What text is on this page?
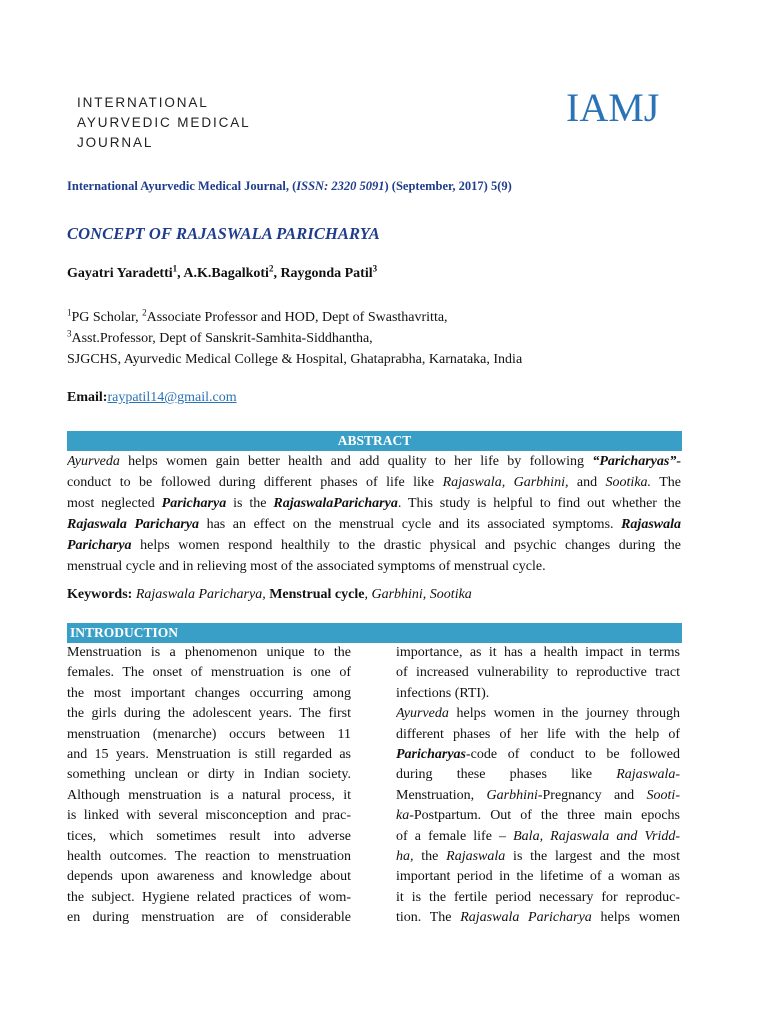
INTERNATIONAL
AYURVEDIC MEDICAL
JOURNAL
IAMJ
International Ayurvedic Medical Journal, (ISSN: 2320 5091) (September, 2017) 5(9)
CONCEPT OF RAJASWALA PARICHARYA
Gayatri Yaradetti$^1$, A.K.Bagalkoti$^2$, Raygonda Patil$^3$
$^1$PG Scholar, $^2$Associate Professor and HOD, Dept of Swasthavritta,
$^3$Asst.Professor, Dept of Sanskrit-Samhita-Siddhantha,
SJGCHS, Ayurvedic Medical College & Hospital, Ghataprabha, Karnataka, India
Email:raypatil14@gmail.com
ABSTRACT
Ayurveda helps women gain better health and add quality to her life by following “Paricharyas”-
conduct to be followed during different phases of life like Rajaswala, Garbhini, and Sootika. The
most neglected Paricharya is the RajaswalaParicharya. This study is helpful to find out whether the
Rajaswala Paricharya has an effect on the menstrual cycle and its associated symptoms. Rajaswala
Paricharya helps women respond healthily to the drastic physical and psychic changes during the
menstrual cycle and in relieving most of the associated symptoms of menstrual cycle.
Keywords: Rajaswala Paricharya, Menstrual cycle, Garbhini, Sootika
INTRODUCTION
Menstruation is a phenomenon unique to the
females. The onset of menstruation is one of
the most important changes occurring among
the girls during the adolescent years. The first
menstruation (menarche) occurs between 11
and 15 years. Menstruation is still regarded as
something unclean or dirty in Indian society.
Although menstruation is a natural process, it
is linked with several misconception and prac-
tices, which sometimes result into adverse
health outcomes. The reaction to menstruation
depends upon awareness and knowledge about
the subject. Hygiene related practices of wom-
en during menstruation are of considerable
importance, as it has a health impact in terms
of increased vulnerability to reproductive tract
infections (RTI).
Ayurveda helps women in the journey through
different phases of her life with the help of
Paricharyas-code of conduct to be followed
during these phases like Rajaswala-
Menstruation, Garbhini-Pregnancy and Sooti-
ka-Postpartum. Out of the three main epochs
of a female life – Bala, Rajaswala and Vridd-
ha, the Rajaswala is the largest and the most
important period in the lifetime of a woman as
it is the fertile period necessary for reproduc-
tion. The Rajaswala Paricharya helps women
